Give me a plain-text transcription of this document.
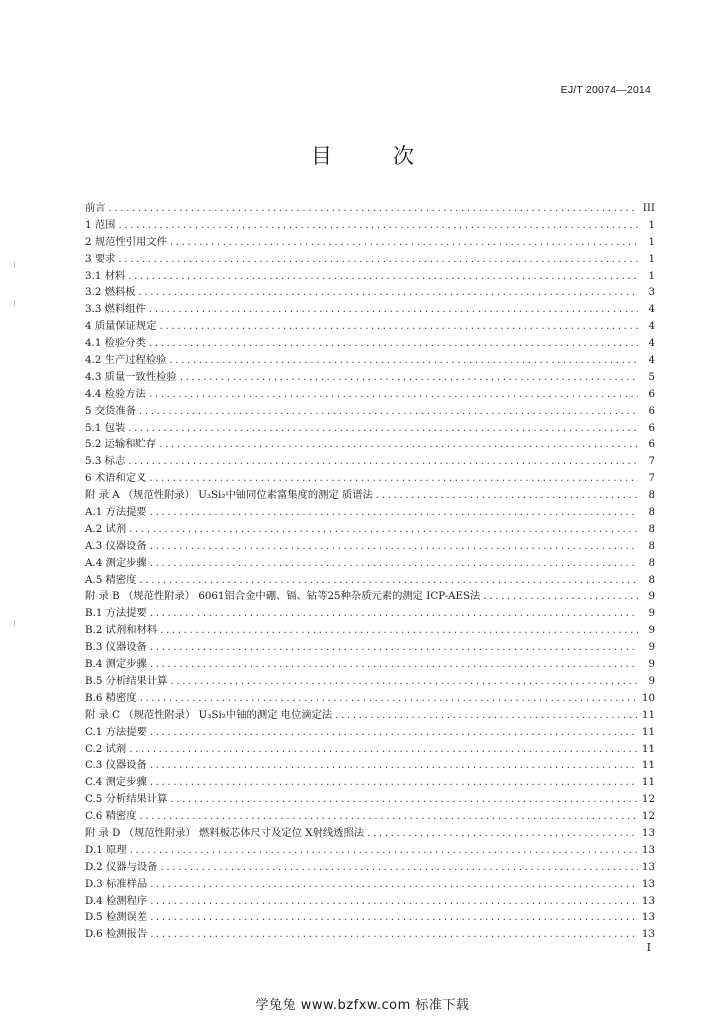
EJ/T 20074—2014
目　次
前言 .....	III
1 范围 .....	1
2 规范性引用文件 .....	1
3 要求 .....	1
3.1 材料 .....	1
3.2 燃料板 .....	3
3.3 燃料组件 .....	4
4 质量保证规定 .....	4
4.1 检验分类 .....	4
4.2 生产过程检验 .....	4
4.3 质量一致性检验 .....	5
4.4 检验方法 .....	6
5 交货准备 .....	6
5.1 包装 .....	6
5.2 运输和贮存 .....	6
5.3 标志 .....	7
6 术语和定义 .....	7
附 录 A （规范性附录） U₃Si₂中铀同位素富集度的测定 质谱法 .....	8
A.1 方法提要 .....	8
A.2 试剂 .....	8
A.3 仪器设备 .....	8
A.4 测定步骤 .....	8
A.5 精密度 .....	8
附 录 B （规范性附录） 6061铝合金中硼、镉、钴等25种杂质元素的测定 ICP-AES法 .....	9
B.1 方法提要 .....	9
B.2 试剂和材料 .....	9
B.3 仪器设备 .....	9
B.4 测定步骤 .....	9
B.5 分析结果计算 .....	9
B.6 精密度 .....	10
附 录 C （规范性附录） U₃Si₂中铀的测定 电位滴定法 .....	11
C.1 方法提要 .....	11
C.2 试剂 .....	11
C.3 仪器设备 .....	11
C.4 测定步骤 .....	11
C.5 分析结果计算 .....	12
C.6 精密度 .....	12
附 录 D （规范性附录） 燃料板芯体尺寸及定位 X射线透照法 .....	13
D.1 原理 .....	13
D.2 仪器与设备 .....	13
D.3 标准样品 .....	13
D.4 检测程序 .....	13
D.5 检测误差 .....	13
D.6 检测报告 .....	13
I
学兔兔 www.bzfxw.com 标准下载
